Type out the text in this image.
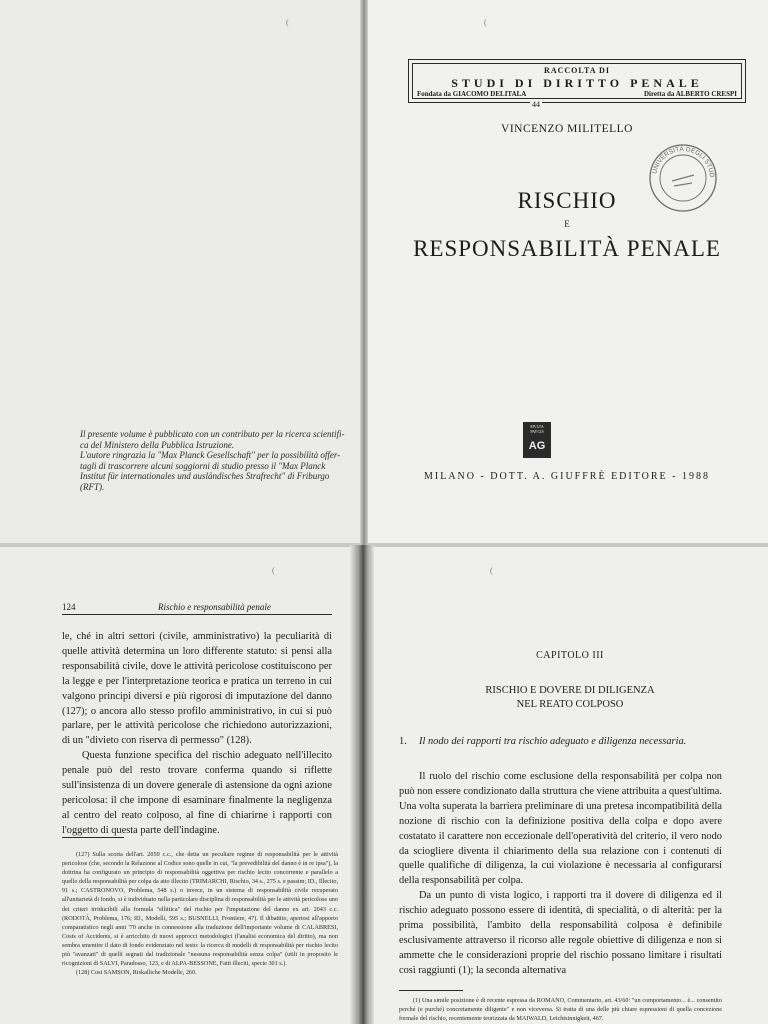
(	(
(	(

Il presente volume è pubblicato con un contributo per la ricerca scientifi-ca del Ministero della Pubblica Istruzione.

L'autore ringrazia la "Max Planck Gesellschaft" per la possibilità offer-tagli di trascorrere alcuni soggiorni di studio presso il "Max Planck Institut für internationales und ausländisches Strafrecht" di Friburgo (RFT).

RACCOLTA DI
STUDI DI DIRITTO PENALE
Fondata da GIACOMO DELITALA	Diretta da ALBERTO CRESPI
44
VINCENZO MILITELLO
RISCHIO
E
RESPONSABILITÀ PENALE
UNIVERSITÀ DEGLI STUD
MVLTA PAVCIS
AG
MILANO - DOTT. A. GIUFFRÈ EDITORE - 1988
124	Rischio e responsabilità penale

le, ché in altri settori (civile, amministrativo) la peculiarità di quelle attività determina un loro differente statuto: si pensi alla responsabilità civile, dove le attività pericolose costituiscono per la legge e per l'interpretazione teorica e pratica un terreno in cui valgono principi diversi e più rigorosi di imputazione del danno (127); o ancora allo stesso profilo amministrativo, in cui si può parlare, per le attività pericolose che richiedono autorizzazioni, di un "divieto con riserva di permesso" (128).

Questa funzione specifica del rischio adeguato nell'illecito penale può del resto trovare conferma quando si riflette sull'insistenza di un dovere generale di astensione da ogni azione pericolosa: il che impone di esaminare finalmente la negligenza al centro del reato colposo, al fine di chiarirne i rapporti con l'oggetto di questa parte dell'indagine.

(127) Sulla scorta dell'art. 2050 c.c., che detta un peculiare regime di responsabilità per le attività pericolose (che, secondo la Relazione al Codice sono quelle in cui, "la prevedibilità del danno è in re ipsa"), la dottrina ha configurato un principio di responsabilità oggettiva per rischio lecito concorrente e parallelo a quello della responsabilità per colpa da atto illecito (TRIMARCHI, Rischio, 34 s., 275 s. e passim; ID., Illecito, 91 s.; CASTRONOVO, Problema, 548 s.) o invece, in un sistema di responsabilità civile recuperato all'unitarietà di fondo, si è individuato nella particolare disciplina di responsabilità per le attività pericolose uno dei criteri irriducibili alla formula "ellittica" del rischio per l'imputazione del danno ex art. 2043 c.c. (RODOTÀ, Problema, 176; ID., Modelli, 595 s.; BUSNELLI, Frontiere, 47). Il dibattito, apertosi all'apporto comparatistico negli anni '70 anche in connessione alla traduzione dell'importante volume di CALABRESI, Costs of Accidents, si è arricchito di nuovi approcci metodologici (l'analisi economica del diritto), ma non sembra smentire il dato di fondo evidenziato nel testo: la ricerca di modelli di responsabilità per rischio lecito più "avanzati" di quelli segnati dal tradizionale "nessuna responsabilità senza colpa" (utili in proposito le ricognizioni di SALVI, Paradosso, 123, e di ALPA-BESSONE, Fatti illeciti, specie 301 s.).

(128) Cosi SAMSON, Riskalliche Modelle, 260.

CAPITOLO III
RISCHIO E DOVERE DI DILIGENZA
NEL REATO COLPOSO
1. Il nodo dei rapporti tra rischio adeguato e diligenza necessaria.

Il ruolo del rischio come esclusione della responsabilità per colpa non può non essere condizionato dalla struttura che viene attribuita a quest'ultima. Una volta superata la barriera preliminare di una pretesa incompatibilità della nozione di rischio con la definizione positiva della colpa e dopo avere costatato il carattere non eccezionale dell'operatività del criterio, il vero nodo da sciogliere diventa il chiarimento della sua relazione con i contenuti di quelle qualifiche di diligenza, la cui violazione è necessaria al configurarsi della responsabilità per colpa.

Da un punto di vista logico, i rapporti tra il dovere di diligenza ed il rischio adeguato possono essere di identità, di specialità, o di alterità: per la prima possibilità, l'ambito della responsabilità colposa è definibile esclusivamente attraverso il ricorso alle regole obiettive di diligenza e non si ammette che le considerazioni proprie del rischio possano limitare i risultati così raggiunti (1); la seconda alternativa

(1) Una simile posizione è di recente espressa da ROMANO, Commentario, art. 43/60: "un comportamento... è... consentito perché (e purché) concretamente diligente" e non viceversa. Si tratta di una delle più chiare espressioni di quella concezione formale del rischio, recentemente teorizzata da MAIWALD, Leichtsinnigkeit, 467.
